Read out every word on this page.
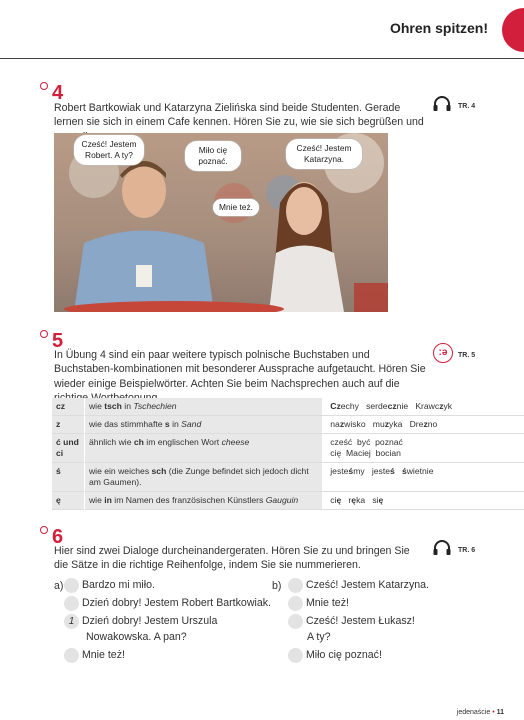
Ohren spitzen!
4
Robert Bartkowiak und Katarzyna Zielińska sind beide Studenten. Gerade lernen sie sich in einem Cafe kennen. Hören Sie zu, wie sie sich begrüßen und
TR. 4
Cześć! Jestem
Robert. A ty?	Miło cię
poznać.
Cześć! Jestem
Katarzyna.
Mnie też.
5
In Übung 4 sind ein paar weitere typisch polnische Buchstaben und Buchstaben-kombinationen mit besonderer Aussprache aufgetaucht. Hören Sie wieder einige Beispielwörter. Achten Sie beim Nachsprechen auch auf die
:ə	TR. 5
cz	wie tsch in Tschechien	Czechy serdecznie Krawczyk
z	wie das stimmhafte s in Sand	nazwisko muzyka Drezno
ć und ci	ähnlich wie ch im englischen Wort cheese	cześć  być  poznać
cię  Maciej  bocian

ś	wie ein weiches sch (die Zunge befindet sich jedoch dicht am Gaumen).	jesteśmy jesteś świetnie
ę	wie in im Namen des französischen Künstlers Gauguin	cię ręka się
6
Hier sind zwei Dialoge durcheinandergeraten. Hören Sie zu und bringen Sie die Sätze in die richtige Reihenfolge, indem Sie sie nummerieren.
TR. 6
a)	Bardzo mi miło.
Dzień dobry! Jestem Robert Bartkowiak.
1 Dzień dobry! Jestem Urszula
Nowakowska. A pan?
Mnie też!
b)	Cześć! Jestem Katarzyna.
Mnie też!
Cześć! Jestem Łukasz!
A ty?
Miło cię poznać!
jedenaście • 11
